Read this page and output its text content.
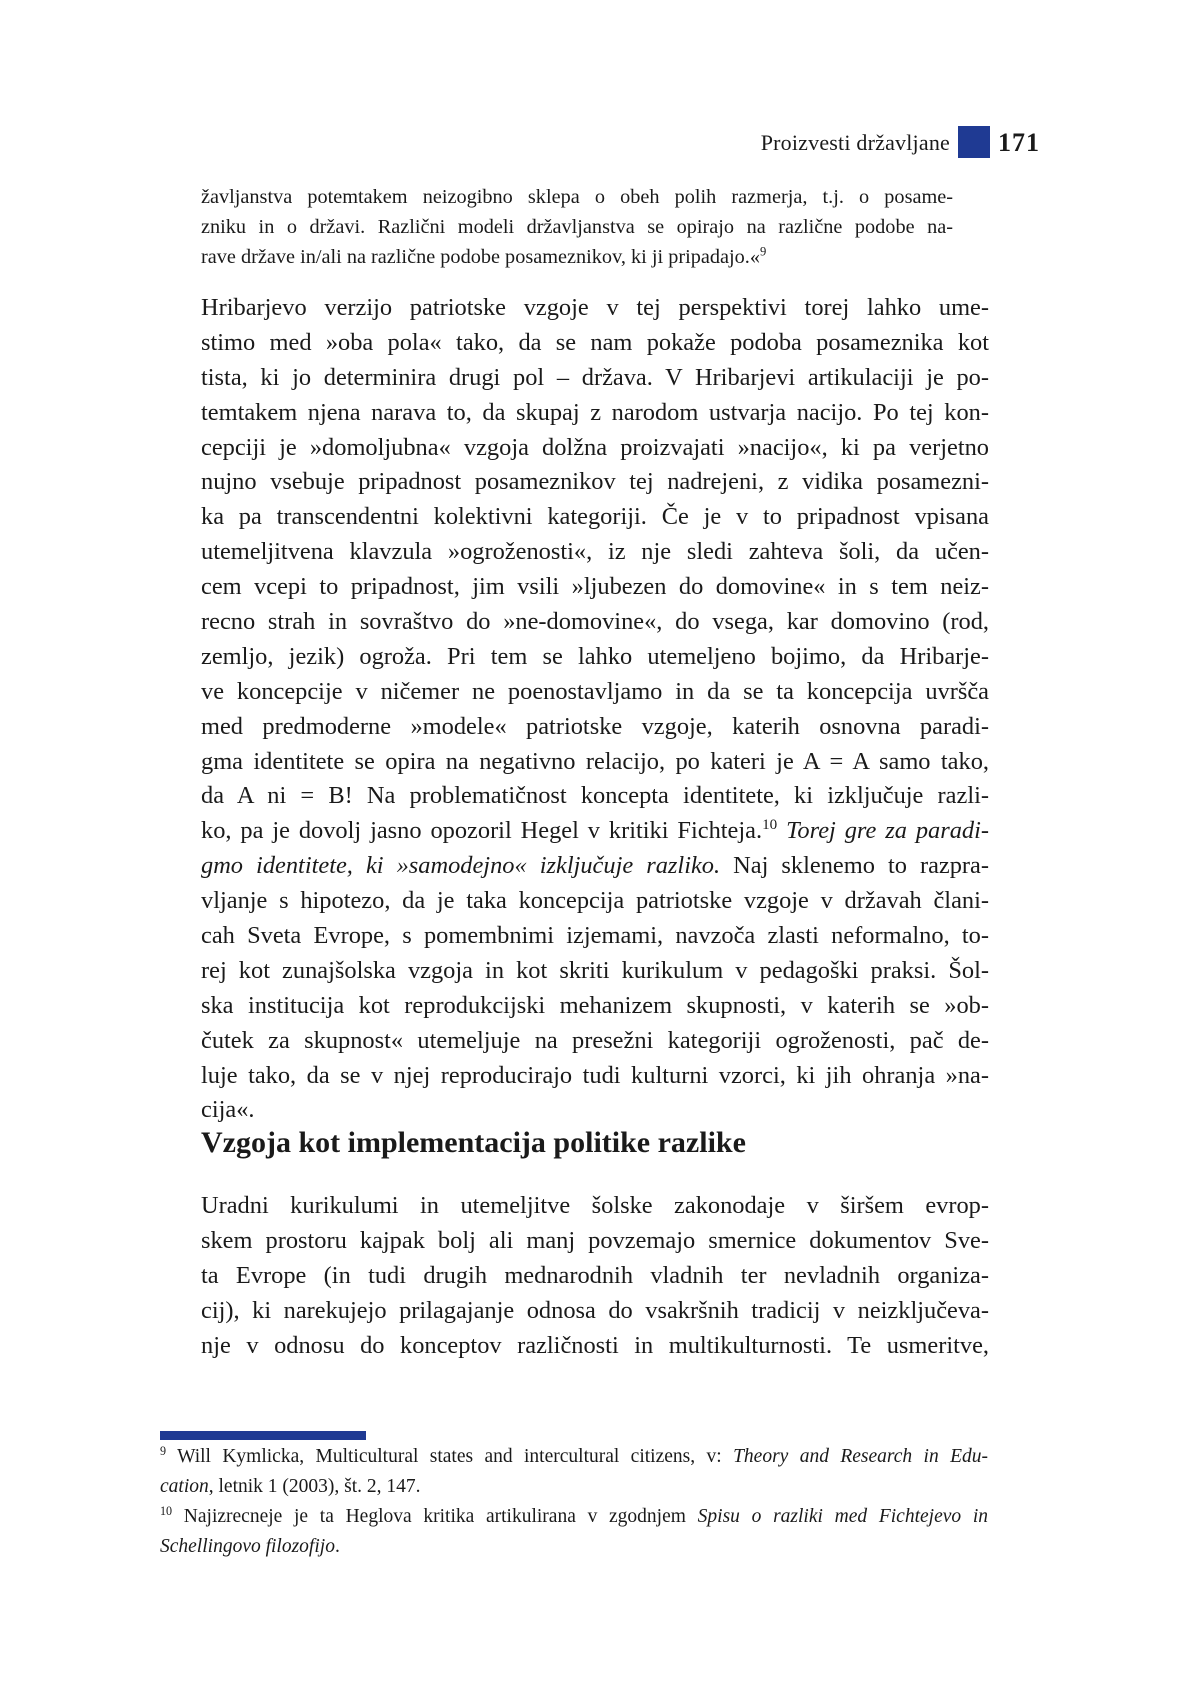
Proizvesti državljane 171
žavljanstva potemtakem neizogibno sklepa o obeh polih razmerja, t.j. o posame-
zniku in o državi. Različni modeli državljanstva se opirajo na različne podobe na-
rave države in/ali na različne podobe posameznikov, ki ji pripadajo.«$^9$
Hribarjevo verzijo patriotske vzgoje v tej perspektivi torej lahko ume-
stimo med »oba pola« tako, da se nam pokaže podoba posameznika kot
tista, ki jo determinira drugi pol – država. V Hribarjevi artikulaciji je po-
temtakem njena narava to, da skupaj z narodom ustvarja nacijo. Po tej kon-
cepciji je »domoljubna« vzgoja dolžna proizvajati »nacijo«, ki pa verjetno
nujno vsebuje pripadnost posameznikov tej nadrejeni, z vidika posamezni-
ka pa transcendentni kolektivni kategoriji. Če je v to pripadnost vpisana
utemeljitvena klavzula »ogroženosti«, iz nje sledi zahteva šoli, da učen-
cem vcepi to pripadnost, jim vsili »ljubezen do domovine« in s tem neiz-
recno strah in sovraštvo do »ne-domovine«, do vsega, kar domovino (rod,
zemljo, jezik) ogroža. Pri tem se lahko utemeljeno bojimo, da Hribarje-
ve koncepcije v ničemer ne poenostavljamo in da se ta koncepcija uvršča
med predmoderne »modele« patriotske vzgoje, katerih osnovna paradi-
gma identitete se opira na negativno relacijo, po kateri je A = A samo tako,
da A ni = B! Na problematičnost koncepta identitete, ki izključuje razli-
ko, pa je dovolj jasno opozoril Hegel v kritiki Fichteja.$^{10}$ Torej gre za paradi-
gmo identitete, ki »samodejno« izključuje razliko. Naj sklenemo to razpra-
vljanje s hipotezo, da je taka koncepcija patriotske vzgoje v državah člani-
cah Sveta Evrope, s pomembnimi izjemami, navzoča zlasti neformalno, to-
rej kot zunajšolska vzgoja in kot skriti kurikulum v pedagoški praksi. Šol-
ska institucija kot reprodukcijski mehanizem skupnosti, v katerih se »ob-
čutek za skupnost« utemeljuje na presežni kategoriji ogroženosti, pač de-
luje tako, da se v njej reproducirajo tudi kulturni vzorci, ki jih ohranja »na-
cija«.
Vzgoja kot implementacija politike razlike
Uradni kurikulumi in utemeljitve šolske zakonodaje v širšem evrop-
skem prostoru kajpak bolj ali manj povzemajo smernice dokumentov Sve-
ta Evrope (in tudi drugih mednarodnih vladnih ter nevladnih organiza-
cij), ki narekujejo prilagajanje odnosa do vsakršnih tradicij v neizključeva-
nje v odnosu do konceptov različnosti in multikulturnosti. Te usmeritve,
$^9$ Will Kymlicka, Multicultural states and intercultural citizens, v: Theory and Research in Edu-
cation, letnik 1 (2003), št. 2, 147.
$^{10}$ Najizrecneje je ta Heglova kritika artikulirana v zgodnjem Spisu o razliki med Fichtejevo in
Schellingovo filozofijo.
